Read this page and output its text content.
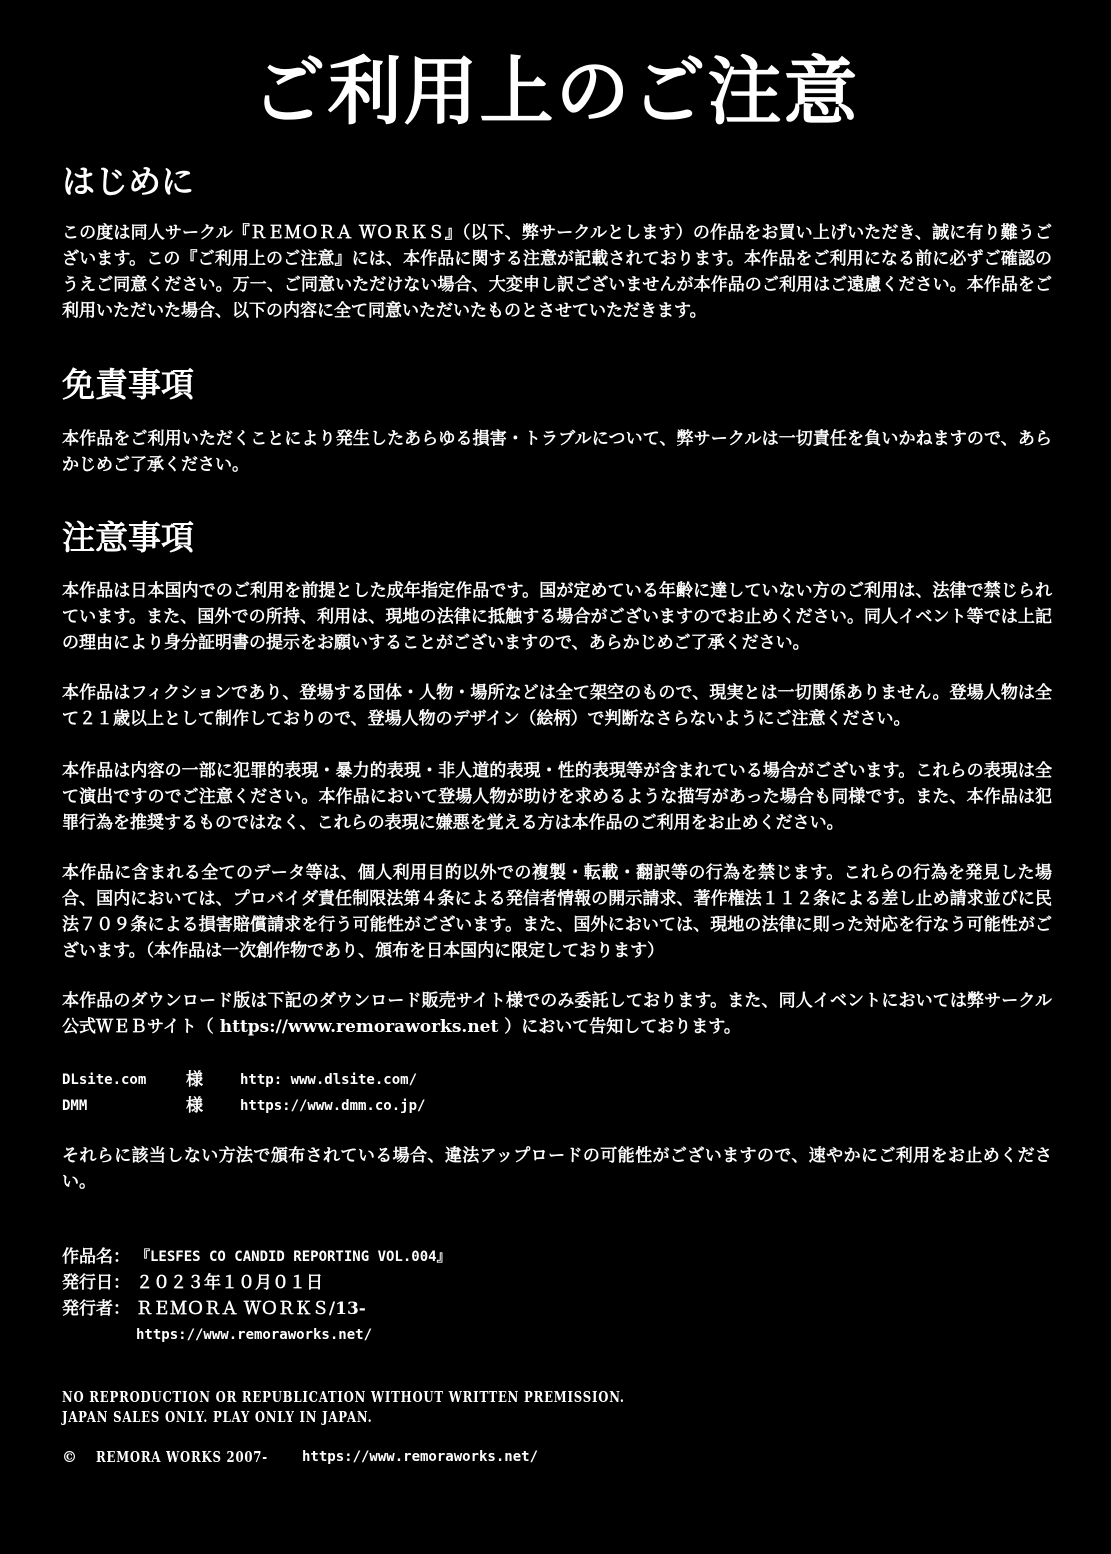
ご利用上のご注意
はじめに
この度は同人サークル『ＲＥＭＯＲＡ ＷＯＲＫＳ』（以下、弊サークルとします）の作品をお買い上げいただき、誠に有り難うございます。この『ご利用上のご注意』には、本作品に関する注意が記載されております。本作品をご利用になる前に必ずご確認のうえご同意ください。万一、ご同意いただけない場合、大変申し訳ございませんが本作品のご利用はご遠慮ください。本作品をご利用いただいた場合、以下の内容に全て同意いただいたものとさせていただきます。
免責事項
本作品をご利用いただくことにより発生したあらゆる損害・トラブルについて、弊サークルは一切責任を負いかねますので、あらかじめご了承ください。
注意事項
本作品は日本国内でのご利用を前提とした成年指定作品です。国が定めている年齢に達していない方のご利用は、法律で禁じられています。また、国外での所持、利用は、現地の法律に抵触する場合がございますのでお止めください。同人イベント等では上記の理由により身分証明書の提示をお願いすることがございますので、あらかじめご了承ください。
本作品はフィクションであり、登場する団体・人物・場所などは全て架空のもので、現実とは一切関係ありません。登場人物は全て２１歳以上として制作しておりので、登場人物のデザイン（絵柄）で判断なさらないようにご注意ください。
本作品は内容の一部に犯罪的表現・暴力的表現・非人道的表現・性的表現等が含まれている場合がございます。これらの表現は全て演出ですのでご注意ください。本作品において登場人物が助けを求めるような描写があった場合も同様です。また、本作品は犯罪行為を推奨するものではなく、これらの表現に嫌悪を覚える方は本作品のご利用をお止めください。
本作品に含まれる全てのデータ等は、個人利用目的以外での複製・転載・翻訳等の行為を禁じます。これらの行為を発見した場合、国内においては、プロバイダ責任制限法第４条による発信者情報の開示請求、著作権法１１２条による差し止め請求並びに民法７０９条による損害賠償請求を行う可能性がございます。また、国外においては、現地の法律に則った対応を行なう可能性がございます。（本作品は一次創作物であり、頒布を日本国内に限定しております）
本作品のダウンロード版は下記のダウンロード販売サイト様でのみ委託しております。また、同人イベントにおいては弊サークル公式ＷＥＢサイト（ https://www.remoraworks.net ）において告知しております。
DLsite.com 様	http: www.dlsite.com/
DMM	様	https://www.dmm.co.jp/
それらに該当しない方法で頒布されている場合、違法アップロードの可能性がございますので、速やかにご利用をお止めください。
作品名： 『LESFES CO CANDID REPORTING VOL.004』
発行日： ２０２３年１０月０１日
発行者： ＲＥＭＯＲＡ ＷＯＲＫＳ/13-
https://www.remoraworks.net/
NO REPRODUCTION OR REPUBLICATION WITHOUT WRITTEN PREMISSION.
JAPAN SALES ONLY. PLAY ONLY IN JAPAN.
© REMORA WORKS 2007- https://www.remoraworks.net/
